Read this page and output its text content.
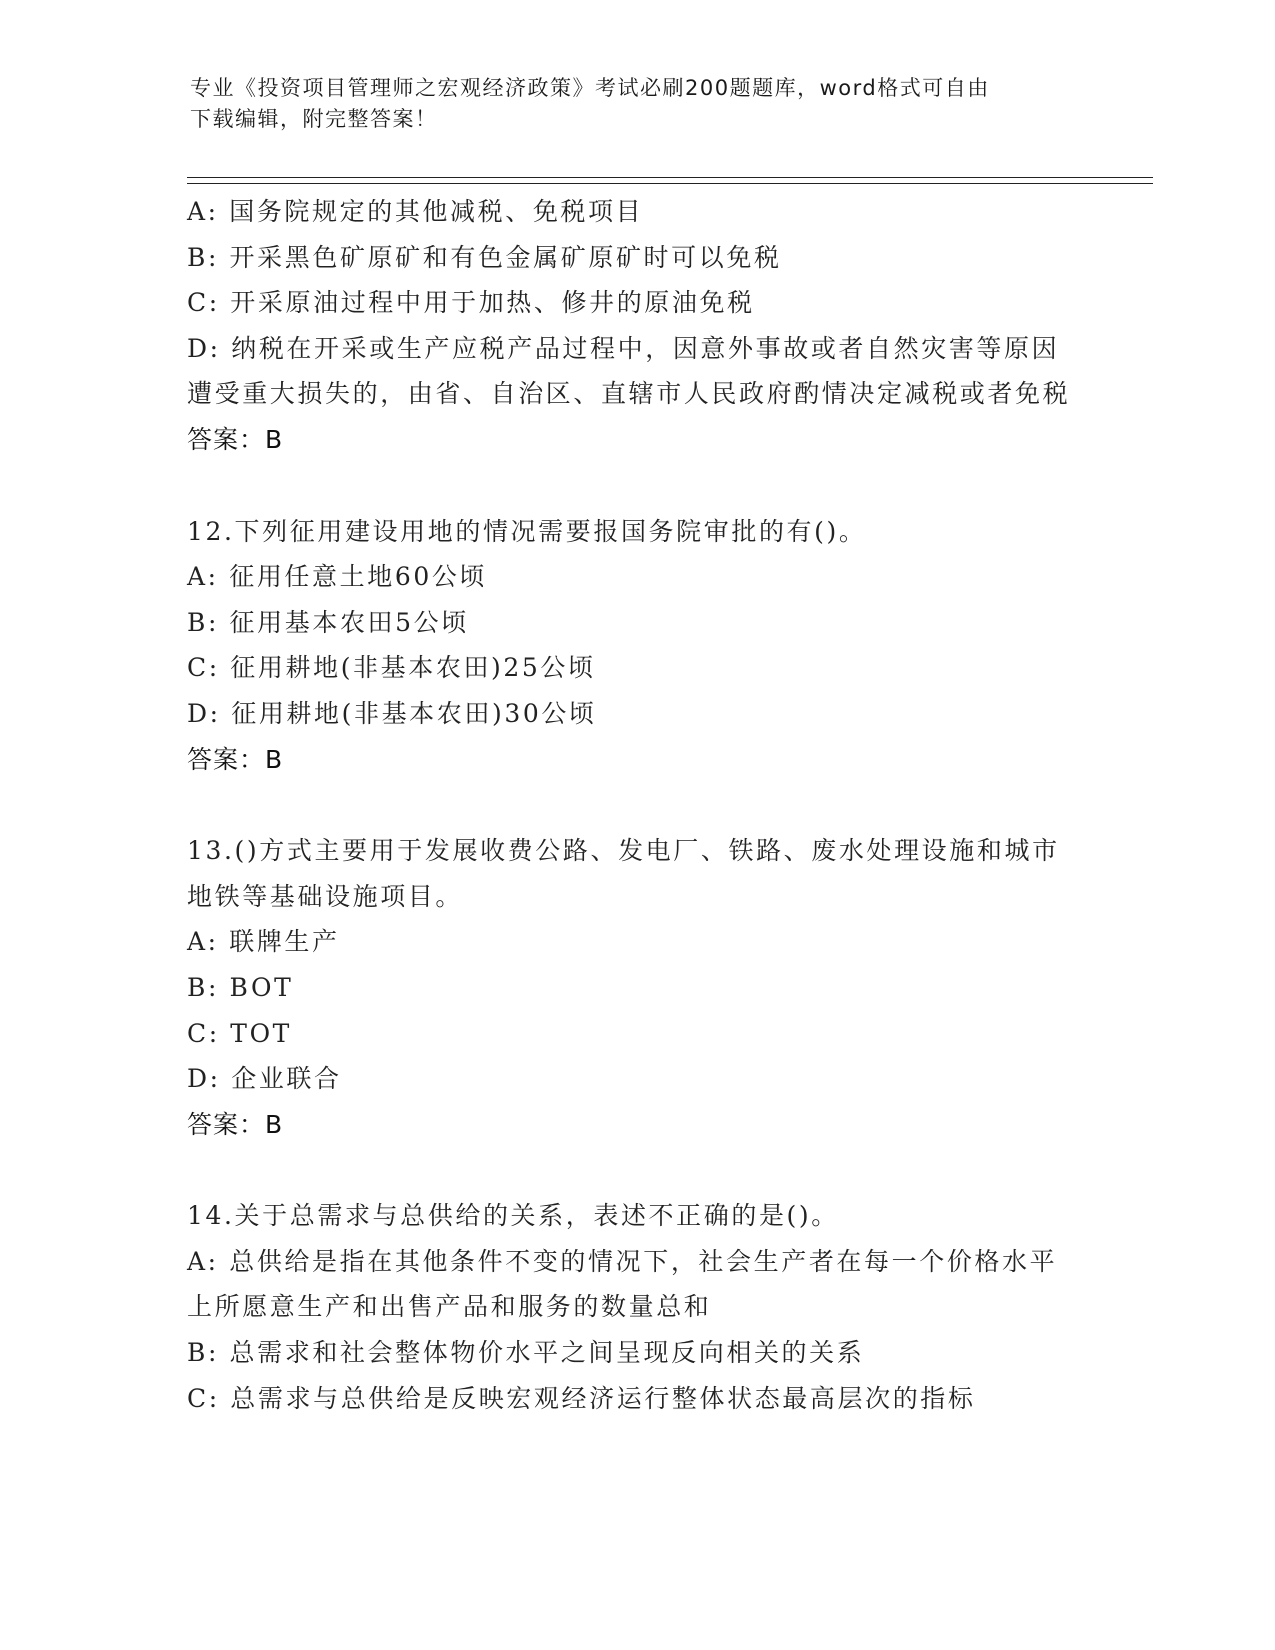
专业《投资项目管理师之宏观经济政策》考试必刷200题题库，word格式可自由
下载编辑，附完整答案！
A: 国务院规定的其他减税、免税项目
B: 开采黑色矿原矿和有色金属矿原矿时可以免税
C: 开采原油过程中用于加热、修井的原油免税
D: 纳税在开采或生产应税产品过程中，因意外事故或者自然灾害等原因遭受重大损失的，由省、自治区、直辖市人民政府酌情决定减税或者免税
答案：B
12.下列征用建设用地的情况需要报国务院审批的有()。
A: 征用任意土地60公顷
B: 征用基本农田5公顷
C: 征用耕地(非基本农田)25公顷
D: 征用耕地(非基本农田)30公顷
答案：B
13.()方式主要用于发展收费公路、发电厂、铁路、废水处理设施和城市地铁等基础设施项目。
A: 联牌生产
B: BOT
C: TOT
D: 企业联合
答案：B
14.关于总需求与总供给的关系，表述不正确的是()。
A: 总供给是指在其他条件不变的情况下，社会生产者在每一个价格水平上所愿意生产和出售产品和服务的数量总和
B: 总需求和社会整体物价水平之间呈现反向相关的关系
C: 总需求与总供给是反映宏观经济运行整体状态最高层次的指标
